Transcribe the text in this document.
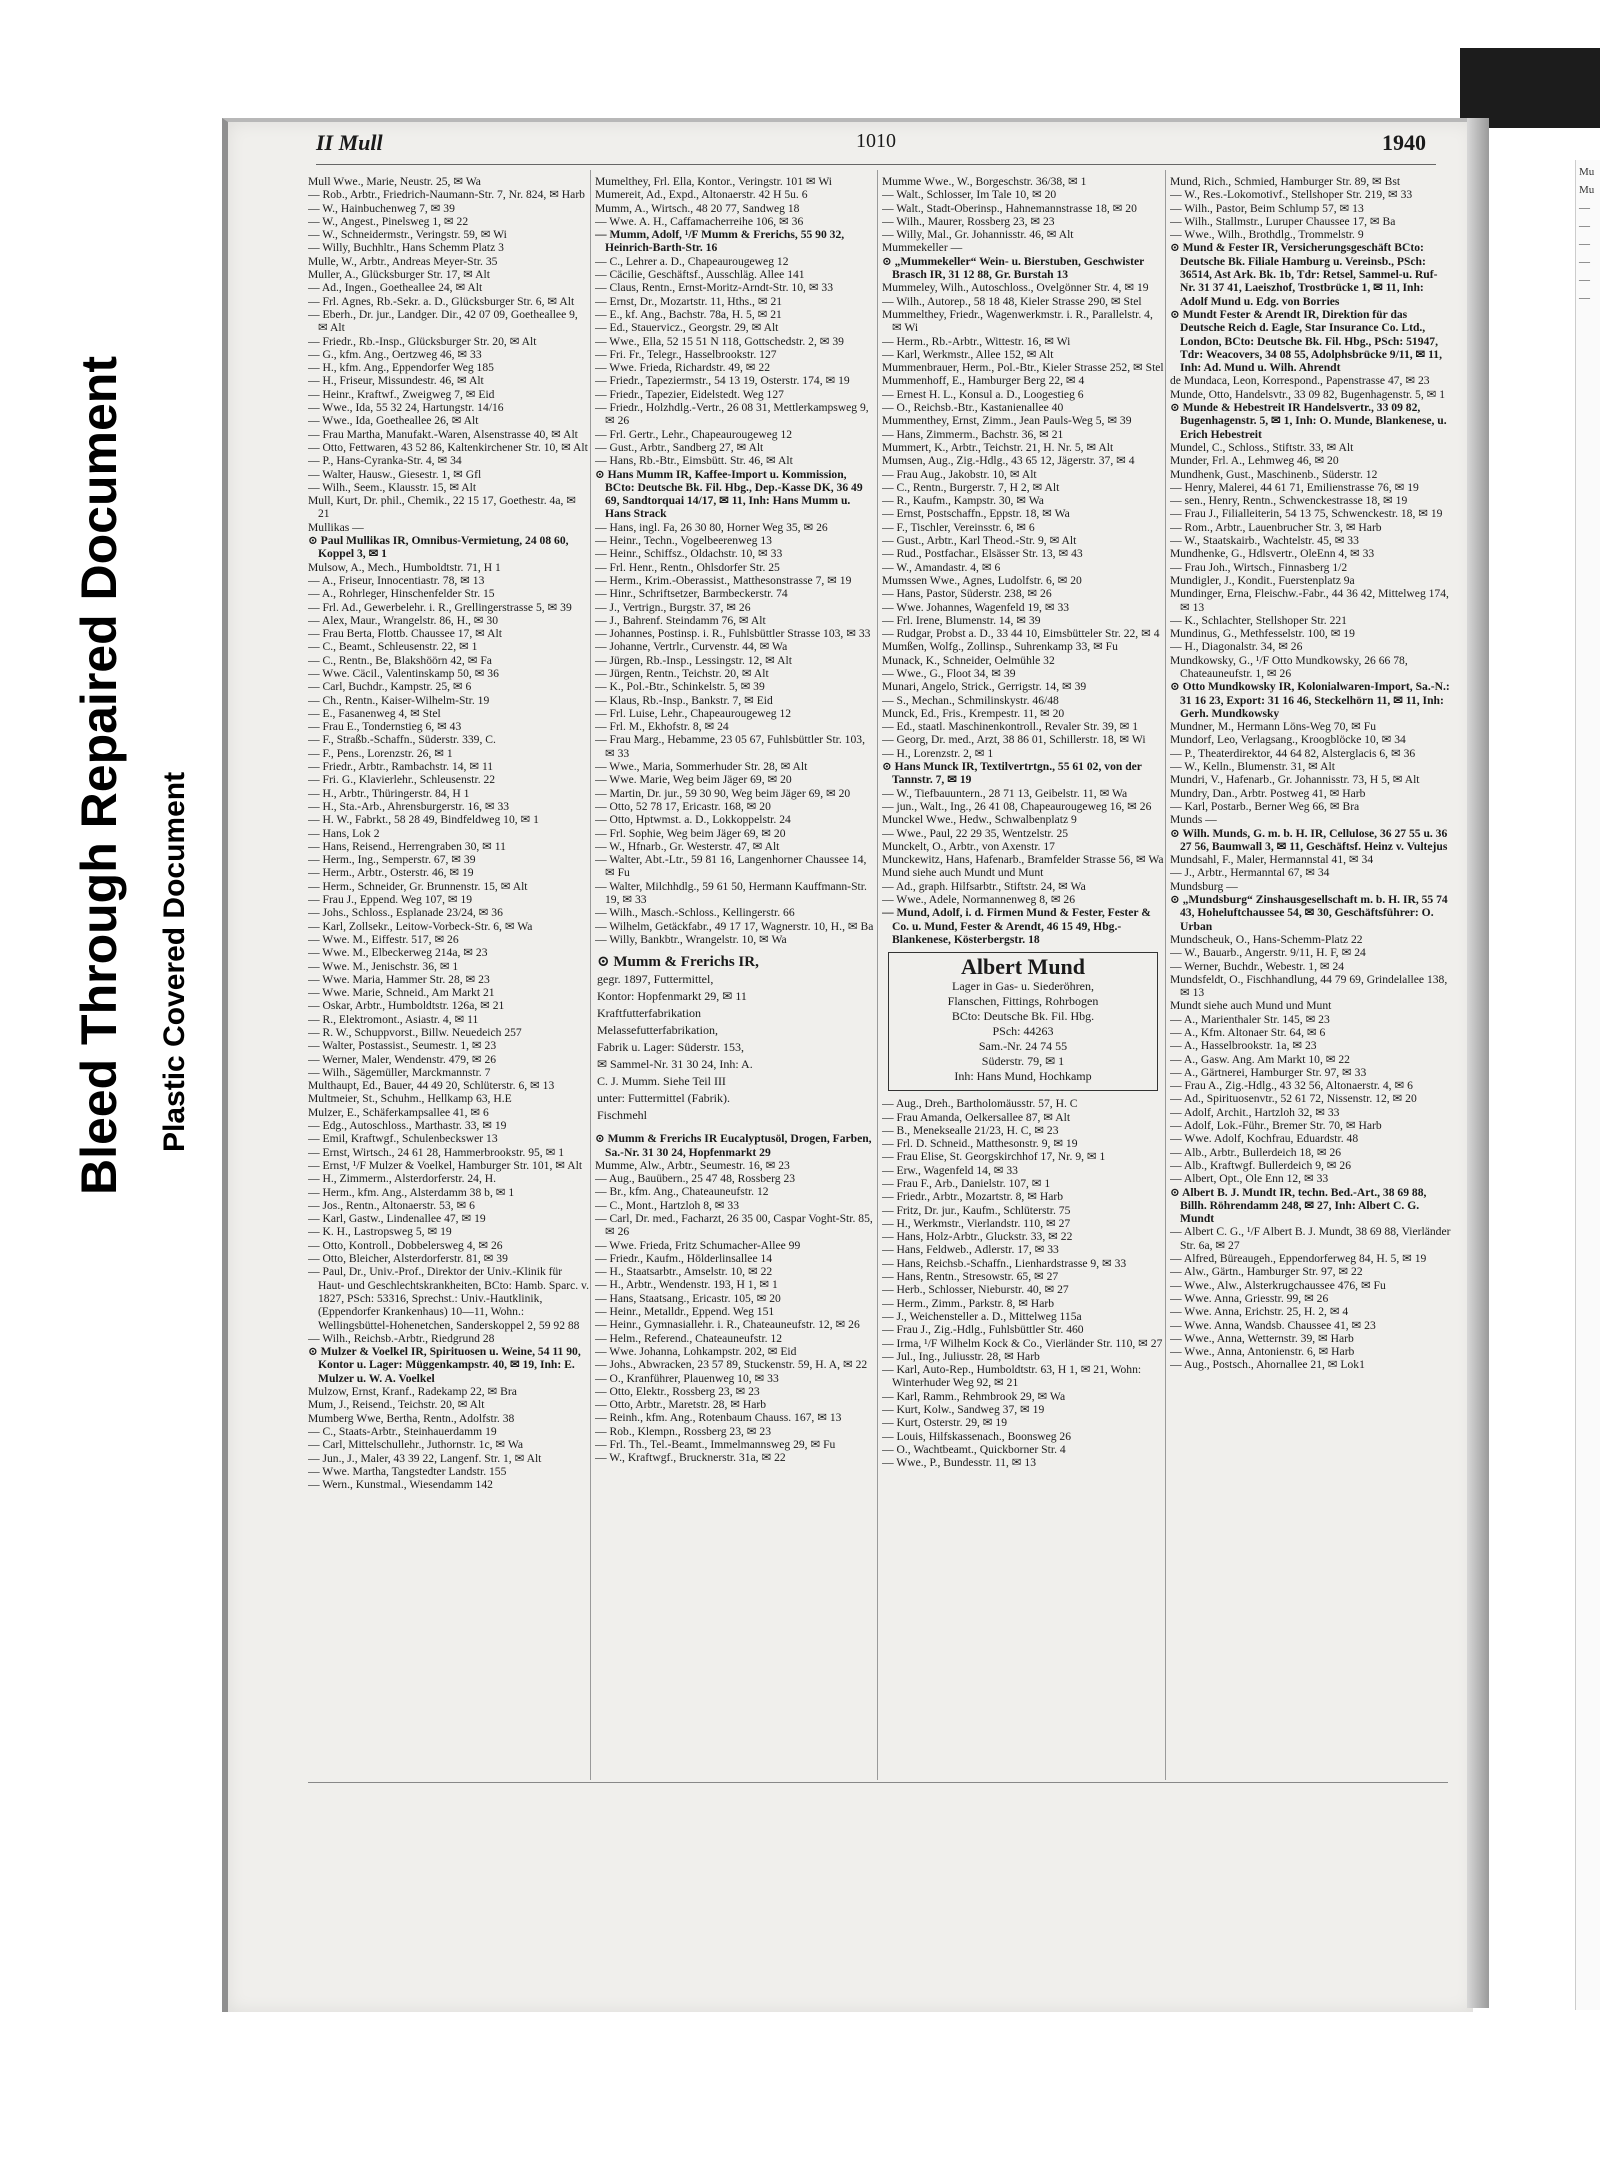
Bleed Through Repaired Document
Plastic Covered Document
Mu
Mu
—
—
—
—
—
—
II Mull	1010	1940

Mull Wwe., Marie, Neustr. 25, ✉ Wa

— Rob., Arbtr., Friedrich-Naumann-Str. 7, Nr. 824, ✉ Harb

— W., Hainbuchenweg 7, ✉ 39

— W., Angest., Pinelsweg 1, ✉ 22

— W., Schneidermstr., Veringstr. 59, ✉ Wi

— Willy, Buchhltr., Hans Schemm Platz 3

Mulle, W., Arbtr., Andreas Meyer-Str. 35

Muller, A., Glücksburger Str. 17, ✉ Alt

— Ad., Ingen., Goetheallee 24, ✉ Alt

— Frl. Agnes, Rb.-Sekr. a. D., Glücksburger Str. 6, ✉ Alt

— Eberh., Dr. jur., Landger. Dir., 42 07 09, Goetheallee 9, ✉ Alt

— Friedr., Rb.-Insp., Glücksburger Str. 20, ✉ Alt

— G., kfm. Ang., Oertzweg 46, ✉ 33

— H., kfm. Ang., Eppendorfer Weg 185

— H., Friseur, Missundestr. 46, ✉ Alt

— Heinr., Kraftwf., Zweigweg 7, ✉ Eid

— Wwe., Ida, 55 32 24, Hartungstr. 14/16

— Wwe., Ida, Goetheallee 26, ✉ Alt

— Frau Martha, Manufakt.-Waren, Alsenstrasse 40, ✉ Alt

— Otto, Fettwaren, 43 52 86, Kaltenkirchener Str. 10, ✉ Alt

— P., Hans-Cyranka-Str. 4, ✉ 34

— Walter, Hausw., Giesestr. 1, ✉ Gfl

— Wilh., Seem., Klausstr. 15, ✉ Alt

Mull, Kurt, Dr. phil., Chemik., 22 15 17, Goethestr. 4a, ✉ 21

Mullikas —

⊙ Paul Mullikas IR, Omnibus-Vermietung, 24 08 60, Koppel 3, ✉ 1

Mulsow, A., Mech., Humboldtstr. 71, H 1

— A., Friseur, Innocentiastr. 78, ✉ 13

— A., Rohrleger, Hinschenfelder Str. 15

— Frl. Ad., Gewerbelehr. i. R., Grellingerstrasse 5, ✉ 39

— Alex, Maur., Wrangelstr. 86, H., ✉ 30

— Frau Berta, Flottb. Chaussee 17, ✉ Alt

— C., Beamt., Schleusenstr. 22, ✉ 1

— C., Rentn., Be, Blakshöörn 42, ✉ Fa

— Wwe. Cäcil., Valentinskamp 50, ✉ 36

— Carl, Buchdr., Kampstr. 25, ✉ 6

— Ch., Rentn., Kaiser-Wilhelm-Str. 19

— E., Fasanenweg 4, ✉ Stel

— Frau E., Tondernstieg 6, ✉ 43

— F., Straßb.-Schaffn., Süderstr. 339, C.

— F., Pens., Lorenzstr. 26, ✉ 1

— Friedr., Arbtr., Rambachstr. 14, ✉ 11

— Fri. G., Klavierlehr., Schleusenstr. 22

— H., Arbtr., Thüringerstr. 84, H 1

— H., Sta.-Arb., Ahrensburgerstr. 16, ✉ 33

— H. W., Fabrkt., 58 28 49, Bindfeldweg 10, ✉ 1

— Hans, Lok 2

— Hans, Reisend., Herrengraben 30, ✉ 11

— Herm., Ing., Semperstr. 67, ✉ 39

— Herm., Arbtr., Osterstr. 46, ✉ 19

— Herm., Schneider, Gr. Brunnenstr. 15, ✉ Alt

— Frau J., Eppend. Weg 107, ✉ 19

— Johs., Schloss., Esplanade 23/24, ✉ 36

— Karl, Zollsekr., Leitow-Vorbeck-Str. 6, ✉ Wa

— Wwe. M., Eiffestr. 517, ✉ 26

— Wwe. M., Elbeckerweg 214a, ✉ 23

— Wwe. M., Jenischstr. 36, ✉ 1

— Wwe. Maria, Hammer Str. 28, ✉ 23

— Wwe. Marie, Schneid., Am Markt 21

— Oskar, Arbtr., Humboldtstr. 126a, ✉ 21

— R., Elektromont., Asiastr. 4, ✉ 11

— R. W., Schuppvorst., Billw. Neuedeich 257

— Walter, Postassist., Seumestr. 1, ✉ 23

— Werner, Maler, Wendenstr. 479, ✉ 26

— Wilh., Sägemüller, Marckmannstr. 7

Multhaupt, Ed., Bauer, 44 49 20, Schlüterstr. 6, ✉ 13

Multmeier, St., Schuhm., Hellkamp 63, H.E

Mulzer, E., Schäferkampsallee 41, ✉ 6

— Edg., Autoschloss., Marthastr. 33, ✉ 19

— Emil, Kraftwgf., Schulenbeckswer 13

— Ernst, Wirtsch., 24 61 28, Hammerbrookstr. 95, ✉ 1

— Ernst, ¹/F Mulzer & Voelkel, Hamburger Str. 101, ✉ Alt

— H., Zimmerm., Alsterdorferstr. 24, H.

— Herm., kfm. Ang., Alsterdamm 38 b, ✉ 1

— Jos., Rentn., Altonaerstr. 53, ✉ 6

— Karl, Gastw., Lindenallee 47, ✉ 19

— K. H., Lastropsweg 5, ✉ 19

— Otto, Kontroll., Dobbelersweg 4, ✉ 26

— Otto, Bleicher, Alsterdorferstr. 81, ✉ 39

— Paul, Dr., Univ.-Prof., Direktor der Univ.-Klinik für Haut- und Geschlechtskrankheiten, BCto: Hamb. Sparc. v. 1827, PSch: 53316, Sprechst.: Univ.-Hautklinik, (Eppendorfer Krankenhaus) 10—11, Wohn.: Wellingsbüttel-Hohenetchen, Sanderskoppel 2, 59 92 88

— Wilh., Reichsb.-Arbtr., Riedgrund 28

⊙ Mulzer & Voelkel IR, Spirituosen u. Weine, 54 11 90, Kontor u. Lager: Müggenkampstr. 40, ✉ 19, Inh: E. Mulzer u. W. A. Voelkel

Mulzow, Ernst, Kranf., Radekamp 22, ✉ Bra

Mum, J., Reisend., Teichstr. 20, ✉ Alt

Mumberg Wwe, Bertha, Rentn., Adolfstr. 38

— C., Staats-Arbtr., Steinhauerdamm 19

— Carl, Mittelschullehr., Juthornstr. 1c, ✉ Wa

— Jun., J., Maler, 43 39 22, Langenf. Str. 1, ✉ Alt

— Wwe. Martha, Tangstedter Landstr. 155

— Wern., Kunstmal., Wiesendamm 142

Mumelthey, Frl. Ella, Kontor., Veringstr. 101 ✉ Wi

Mumereit, Ad., Expd., Altonaerstr. 42 H 5u. 6

Mumm, A., Wirtsch., 48 20 77, Sandweg 18

— Wwe. A. H., Caffamacherreihe 106, ✉ 36

— Mumm, Adolf, ¹/F Mumm & Frerichs, 55 90 32, Heinrich-Barth-Str. 16

— C., Lehrer a. D., Chapeaurougeweg 12

— Cäcilie, Geschäftsf., Ausschläg. Allee 141

— Claus, Rentn., Ernst-Moritz-Arndt-Str. 10, ✉ 33

— Ernst, Dr., Mozartstr. 11, Hths., ✉ 21

— E., kf. Ang., Bachstr. 78a, H. 5, ✉ 21

— Ed., Stauervicz., Georgstr. 29, ✉ Alt

— Wwe., Ella, 52 15 51 N 118, Gottschedstr. 2, ✉ 39

— Fri. Fr., Telegr., Hasselbrookstr. 127

— Wwe. Frieda, Richardstr. 49, ✉ 22

— Friedr., Tapeziermstr., 54 13 19, Osterstr. 174, ✉ 19

— Friedr., Tapezier, Eidelstedt. Weg 127

— Friedr., Holzhdlg.-Vertr., 26 08 31, Mettlerkampsweg 9, ✉ 26

— Frl. Gertr., Lehr., Chapeaurougeweg 12

— Gust., Arbtr., Sandberg 27, ✉ Alt

— Hans, Rb.-Btr., Eimsbütt. Str. 46, ✉ Alt

⊙ Hans Mumm IR, Kaffee-Import u. Kommission, BCto: Deutsche Bk. Fil. Hbg., Dep.-Kasse DK, 36 49 69, Sandtorquai 14/17, ✉ 11, Inh: Hans Mumm u. Hans Strack

— Hans, ingl. Fa, 26 30 80, Horner Weg 35, ✉ 26

— Heinr., Techn., Vogelbeerenweg 13

— Heinr., Schiffsz., Oldachstr. 10, ✉ 33

— Frl. Henr., Rentn., Ohlsdorfer Str. 25

— Herm., Krim.-Oberassist., Matthesonstrasse 7, ✉ 19

— Hinr., Schriftsetzer, Barmbeckerstr. 74

— J., Vertrign., Burgstr. 37, ✉ 26

— J., Bahrenf. Steindamm 76, ✉ Alt

— Johannes, Postinsp. i. R., Fuhlsbüttler Strasse 103, ✉ 33

— Johanne, Vertrlr., Curvenstr. 44, ✉ Wa

— Jürgen, Rb.-Insp., Lessingstr. 12, ✉ Alt

— Jürgen, Rentn., Teichstr. 20, ✉ Alt

— K., Pol.-Btr., Schinkelstr. 5, ✉ 39

— Klaus, Rb.-Insp., Bankstr. 7, ✉ Eid

— Frl. Luise, Lehr., Chapeaurougeweg 12

— Frl. M., Ekhofstr. 8, ✉ 24

— Frau Marg., Hebamme, 23 05 67, Fuhlsbüttler Str. 103, ✉ 33

— Wwe., Maria, Sommerhuder Str. 28, ✉ Alt

— Wwe. Marie, Weg beim Jäger 69, ✉ 20

— Martin, Dr. jur., 59 30 90, Weg beim Jäger 69, ✉ 20

— Otto, 52 78 17, Ericastr. 168, ✉ 20

— Otto, Hptwmst. a. D., Lokkoppelstr. 24

— Frl. Sophie, Weg beim Jäger 69, ✉ 20

— W., Hfnarb., Gr. Westerstr. 47, ✉ Alt

— Walter, Abt.-Ltr., 59 81 16, Langenhorner Chaussee 14, ✉ Fu

— Walter, Milchhdlg., 59 61 50, Hermann Kauffmann-Str. 19, ✉ 33

— Wilh., Masch.-Schloss., Kellingerstr. 66

— Wilhelm, Getäckfabr., 49 17 17, Wagnerstr. 10, H., ✉ Ba

— Willy, Bankbtr., Wrangelstr. 10, ✉ Wa

⊙ Mumm & Frerichs IR,
gegr. 1897, Futtermittel,
Kontor: Hopfenmarkt 29, ✉ 11
Kraftfutterfabrikation
Melassefutterfabrikation,
Fabrik u. Lager: Süderstr. 153,
✉ Sammel-Nr. 31 30 24, Inh: A.
C. J. Mumm. Siehe Teil III
unter: Futtermittel (Fabrik).
Fischmehl

⊙ Mumm & Frerichs IR Eucalyptusöl, Drogen, Farben, Sa.-Nr. 31 30 24, Hopfenmarkt 29

Mumme, Alw., Arbtr., Seumestr. 16, ✉ 23

— Aug., Bauübern., 25 47 48, Rossberg 23

— Br., kfm. Ang., Chateauneufstr. 12

— C., Mont., Hartzloh 8, ✉ 33

— Carl, Dr. med., Facharzt, 26 35 00, Caspar Voght-Str. 85, ✉ 26

— Wwe. Frieda, Fritz Schumacher-Allee 99

— Friedr., Kaufm., Hölderlinsallee 14

— H., Staatsarbtr., Amselstr. 10, ✉ 22

— H., Arbtr., Wendenstr. 193, H 1, ✉ 1

— Hans, Staatsang., Ericastr. 105, ✉ 20

— Heinr., Metalldr., Eppend. Weg 151

— Heinr., Gymnasiallehr. i. R., Chateauneufstr. 12, ✉ 26

— Helm., Referend., Chateauneufstr. 12

— Wwe. Johanna, Lohkampstr. 202, ✉ Eid

— Johs., Abwracken, 23 57 89, Stuckenstr. 59, H. A, ✉ 22

— O., Kranführer, Plauenweg 10, ✉ 33

— Otto, Elektr., Rossberg 23, ✉ 23

— Otto, Arbtr., Maretstr. 28, ✉ Harb

— Reinh., kfm. Ang., Rotenbaum Chauss. 167, ✉ 13

— Rob., Klempn., Rossberg 23, ✉ 23

— Frl. Th., Tel.-Beamt., Immelmannsweg 29, ✉ Fu

— W., Kraftwgf., Brucknerstr. 31a, ✉ 22

Mumme Wwe., W., Borgeschstr. 36/38, ✉ 1

— Walt., Schlosser, Im Tale 10, ✉ 20

— Walt., Stadt-Oberinsp., Hahnemannstrasse 18, ✉ 20

— Wilh., Maurer, Rossberg 23, ✉ 23

— Willy, Mal., Gr. Johannisstr. 46, ✉ Alt

Mummekeller —

⊙ „Mummekeller“ Wein- u. Bierstuben, Geschwister Brasch IR, 31 12 88, Gr. Burstah 13

Mummeley, Wilh., Autoschloss., Ovelgönner Str. 4, ✉ 19

— Wilh., Autorep., 58 18 48, Kieler Strasse 290, ✉ Stel

Mummelthey, Friedr., Wagenwerkmstr. i. R., Parallelstr. 4, ✉ Wi

— Herm., Rb.-Arbtr., Wittestr. 16, ✉ Wi

— Karl, Werkmstr., Allee 152, ✉ Alt

Mummenbrauer, Herm., Pol.-Btr., Kieler Strasse 252, ✉ Stel

Mummenhoff, E., Hamburger Berg 22, ✉ 4

— Ernest H. L., Konsul a. D., Loogestieg 6

— O., Reichsb.-Btr., Kastanienallee 40

Mummenthey, Ernst, Zimm., Jean Pauls-Weg 5, ✉ 39

— Hans, Zimmerm., Bachstr. 36, ✉ 21

Mummert, K., Arbtr., Teichstr. 21, H. Nr. 5, ✉ Alt

Mumsen, Aug., Zig.-Hdlg., 43 65 12, Jägerstr. 37, ✉ 4

— Frau Aug., Jakobstr. 10, ✉ Alt

— C., Rentn., Burgerstr. 7, H 2, ✉ Alt

— R., Kaufm., Kampstr. 30, ✉ Wa

— Ernst, Postschaffn., Eppstr. 18, ✉ Wa

— F., Tischler, Vereinsstr. 6, ✉ 6

— Gust., Arbtr., Karl Theod.-Str. 9, ✉ Alt

— Rud., Postfachar., Elsässer Str. 13, ✉ 43

— W., Amandastr. 4, ✉ 6

Mumssen Wwe., Agnes, Ludolfstr. 6, ✉ 20

— Hans, Pastor, Süderstr. 238, ✉ 26

— Wwe. Johannes, Wagenfeld 19, ✉ 33

— Frl. Irene, Blumenstr. 14, ✉ 39

— Rudgar, Probst a. D., 33 44 10, Eimsbütteler Str. 22, ✉ 4

Mumßen, Wolfg., Zollinsp., Suhrenkamp 33, ✉ Fu

Munack, K., Schneider, Oelmühle 32

— Wwe., G., Floot 34, ✉ 39

Munari, Angelo, Strick., Gerrigstr. 14, ✉ 39

— S., Mechan., Schmilinskystr. 46/48

Munck, Ed., Fris., Krempestr. 11, ✉ 20

— Ed., staatl. Maschinenkontroll., Revaler Str. 39, ✉ 1

— Georg, Dr. med., Arzt, 38 86 01, Schillerstr. 18, ✉ Wi

— H., Lorenzstr. 2, ✉ 1

⊙ Hans Munck IR, Textilvertrtgn., 55 61 02, von der Tannstr. 7, ✉ 19

— W., Tiefbauuntern., 28 71 13, Geibelstr. 11, ✉ Wa

— jun., Walt., Ing., 26 41 08, Chapeaurougeweg 16, ✉ 26

Munckel Wwe., Hedw., Schwalbenplatz 9

— Wwe., Paul, 22 29 35, Wentzelstr. 25

Munckelt, O., Arbtr., von Axenstr. 17

Munckewitz, Hans, Hafenarb., Bramfelder Strasse 56, ✉ Wa

Mund siehe auch Mundt und Munt

— Ad., graph. Hilfsarbtr., Stiftstr. 24, ✉ Wa

— Wwe., Adele, Normannenweg 8, ✉ 26

— Mund, Adolf, i. d. Firmen Mund & Fester, Fester & Co. u. Mund, Fester & Arendt, 46 15 49, Hbg.-Blankenese, Kösterbergstr. 18

Albert Mund
Lager in Gas- u. Siederöhren,
Flanschen, Fittings, Rohrbogen
BCto: Deutsche Bk. Fil. Hbg.
PSch: 44263
Sam.-Nr. 24 74 55
Süderstr. 79, ✉ 1
Inh: Hans Mund, Hochkamp

— Aug., Dreh., Bartholomäusstr. 57, H. C

— Frau Amanda, Oelkersallee 87, ✉ Alt

— B., Meneksealle 21/23, H. C, ✉ 23

— Frl. D. Schneid., Matthesonstr. 9, ✉ 19

— Frau Elise, St. Georgskirchhof 17, Nr. 9, ✉ 1

— Erw., Wagenfeld 14, ✉ 33

— Frau F., Arb., Danielstr. 107, ✉ 1

— Friedr., Arbtr., Mozartstr. 8, ✉ Harb

— Fritz, Dr. jur., Kaufm., Schlüterstr. 75

— H., Werkmstr., Vierlandstr. 110, ✉ 27

— Hans, Holz-Arbtr., Gluckstr. 33, ✉ 22

— Hans, Feldweb., Adlerstr. 17, ✉ 33

— Hans, Reichsb.-Schaffn., Lienhardstrasse 9, ✉ 33

— Hans, Rentn., Stresowstr. 65, ✉ 27

— Herb., Schlosser, Nieburstr. 40, ✉ 27

— Herm., Zimm., Parkstr. 8, ✉ Harb

— J., Weichensteller a. D., Mittelweg 115a

— Frau J., Zig.-Hdlg., Fuhlsbüttler Str. 460

— Irma, ¹/F Wilhelm Kock & Co., Vierländer Str. 110, ✉ 27

— Jul., Ing., Juliusstr. 28, ✉ Harb

— Karl, Auto-Rep., Humboldtstr. 63, H 1, ✉ 21, Wohn: Winterhuder Weg 92, ✉ 21

— Karl, Ramm., Rehmbrook 29, ✉ Wa

— Kurt, Kolw., Sandweg 37, ✉ 19

— Kurt, Osterstr. 29, ✉ 19

— Louis, Hilfskassenach., Boonsweg 26

— O., Wachtbeamt., Quickborner Str. 4

— Wwe., P., Bundesstr. 11, ✉ 13

Mund, Rich., Schmied, Hamburger Str. 89, ✉ Bst

— W., Res.-Lokomotivf., Stellshoper Str. 219, ✉ 33

— Wilh., Pastor, Beim Schlump 57, ✉ 13

— Wilh., Stallmstr., Luruper Chaussee 17, ✉ Ba

— Wwe., Wilh., Brothdlg., Trommelstr. 9

⊙ Mund & Fester IR, Versicherungsgeschäft BCto: Deutsche Bk. Filiale Hamburg u. Vereinsb., PSch: 36514, Ast Ark. Bk. 1b, Tdr: Retsel, Sammel-u. Ruf-Nr. 31 37 41, Laeiszhof, Trostbrücke 1, ✉ 11, Inh: Adolf Mund u. Edg. von Borries

⊙ Mundt Fester & Arendt IR, Direktion für das Deutsche Reich d. Eagle, Star Insurance Co. Ltd., London, BCto: Deutsche Bk. Fil. Hbg., PSch: 51947, Tdr: Weacovers, 34 08 55, Adolphsbrücke 9/11, ✉ 11, Inh: Ad. Mund u. Wilh. Ahrendt

de Mundaca, Leon, Korrespond., Papenstrasse 47, ✉ 23

Munde, Otto, Handelsvtr., 33 09 82, Bugenhagenstr. 5, ✉ 1

⊙ Munde & Hebestreit IR Handelsvertr., 33 09 82, Bugenhagenstr. 5, ✉ 1, Inh: O. Munde, Blankenese, u. Erich Hebestreit

Mundel, C., Schloss., Stiftstr. 33, ✉ Alt

Munder, Frl. A., Lehmweg 46, ✉ 20

Mundhenk, Gust., Maschinenb., Süderstr. 12

— Henry, Malerei, 44 61 71, Emilienstrasse 76, ✉ 19

— sen., Henry, Rentn., Schwenckestrasse 18, ✉ 19

— Frau J., Filialleiterin, 54 13 75, Schwenckestr. 18, ✉ 19

— Rom., Arbtr., Lauenbrucher Str. 3, ✉ Harb

— W., Staatskairb., Wachtelstr. 45, ✉ 33

Mundhenke, G., Hdlsvertr., OleEnn 4, ✉ 33

— Frau Joh., Wirtsch., Finnasberg 1/2

Mundigler, J., Kondit., Fuerstenplatz 9a

Mundinger, Erna, Fleischw.-Fabr., 44 36 42, Mittelweg 174, ✉ 13

— K., Schlachter, Stellshoper Str. 221

Mundinus, G., Methfesselstr. 100, ✉ 19

— H., Diagonalstr. 34, ✉ 26

Mundkowsky, G., ¹/F Otto Mundkowsky, 26 66 78, Chateauneufstr. 1, ✉ 26

⊙ Otto Mundkowsky IR, Kolonialwaren-Import, Sa.-N.: 31 16 23, Export: 31 16 46, Steckelhörn 11, ✉ 11, Inh: Gerh. Mundkowsky

Mundner, M., Hermann Löns-Weg 70, ✉ Fu

Mundorf, Leo, Verlagsang., Kroogblöcke 10, ✉ 34

— P., Theaterdirektor, 44 64 82, Alsterglacis 6, ✉ 36

— W., Kelln., Blumenstr. 31, ✉ Alt

Mundri, V., Hafenarb., Gr. Johannisstr. 73, H 5, ✉ Alt

Mundry, Dan., Arbtr. Postweg 41, ✉ Harb

— Karl, Postarb., Berner Weg 66, ✉ Bra

Munds —

⊙ Wilh. Munds, G. m. b. H. IR, Cellulose, 36 27 55 u. 36 27 56, Baumwall 3, ✉ 11, Geschäftsf. Heinz v. Vultejus

Mundsahl, F., Maler, Hermannstal 41, ✉ 34

— J., Arbtr., Hermanntal 67, ✉ 34

Mundsburg —

⊙ „Mundsburg“ Zinshausgesellschaft m. b. H. IR, 55 74 43, Hoheluftchaussee 54, ✉ 30, Geschäftsführer: O. Urban

Mundscheuk, O., Hans-Schemm-Platz 22

— W., Bauarb., Angerstr. 9/11, H. F, ✉ 24

— Werner, Buchdr., Webestr. 1, ✉ 24

Mundsfeldt, O., Fischhandlung, 44 79 69, Grindelallee 138, ✉ 13

Mundt siehe auch Mund und Munt

— A., Marienthaler Str. 145, ✉ 23

— A., Kfm. Altonaer Str. 64, ✉ 6

— A., Hasselbrookstr. 1a, ✉ 23

— A., Gasw. Ang. Am Markt 10, ✉ 22

— A., Gärtnerei, Hamburger Str. 97, ✉ 33

— Frau A., Zig.-Hdlg., 43 32 56, Altonaerstr. 4, ✉ 6

— Ad., Spirituosenvtr., 52 61 72, Nissenstr. 12, ✉ 20

— Adolf, Archit., Hartzloh 32, ✉ 33

— Adolf, Lok.-Führ., Bremer Str. 70, ✉ Harb

— Wwe. Adolf, Kochfrau, Eduardstr. 48

— Alb., Arbtr., Bullerdeich 18, ✉ 26

— Alb., Kraftwgf. Bullerdeich 9, ✉ 26

— Albert, Opt., Ole Enn 12, ✉ 33

⊙ Albert B. J. Mundt IR, techn. Bed.-Art., 38 69 88, Billh. Röhrendamm 248, ✉ 27, Inh: Albert C. G. Mundt

— Albert C. G., ¹/F Albert B. J. Mundt, 38 69 88, Vierländer Str. 6a, ✉ 27

— Alfred, Büreaugeh., Eppendorferweg 84, H. 5, ✉ 19

— Alw., Gärtn., Hamburger Str. 97, ✉ 22

— Wwe., Alw., Alsterkrugchaussee 476, ✉ Fu

— Wwe. Anna, Griesstr. 99, ✉ 26

— Wwe. Anna, Erichstr. 25, H. 2, ✉ 4

— Wwe. Anna, Wandsb. Chaussee 41, ✉ 23

— Wwe., Anna, Wetternstr. 39, ✉ Harb

— Wwe., Anna, Antonienstr. 6, ✉ Harb

— Aug., Postsch., Ahornallee 21, ✉ Lok1
